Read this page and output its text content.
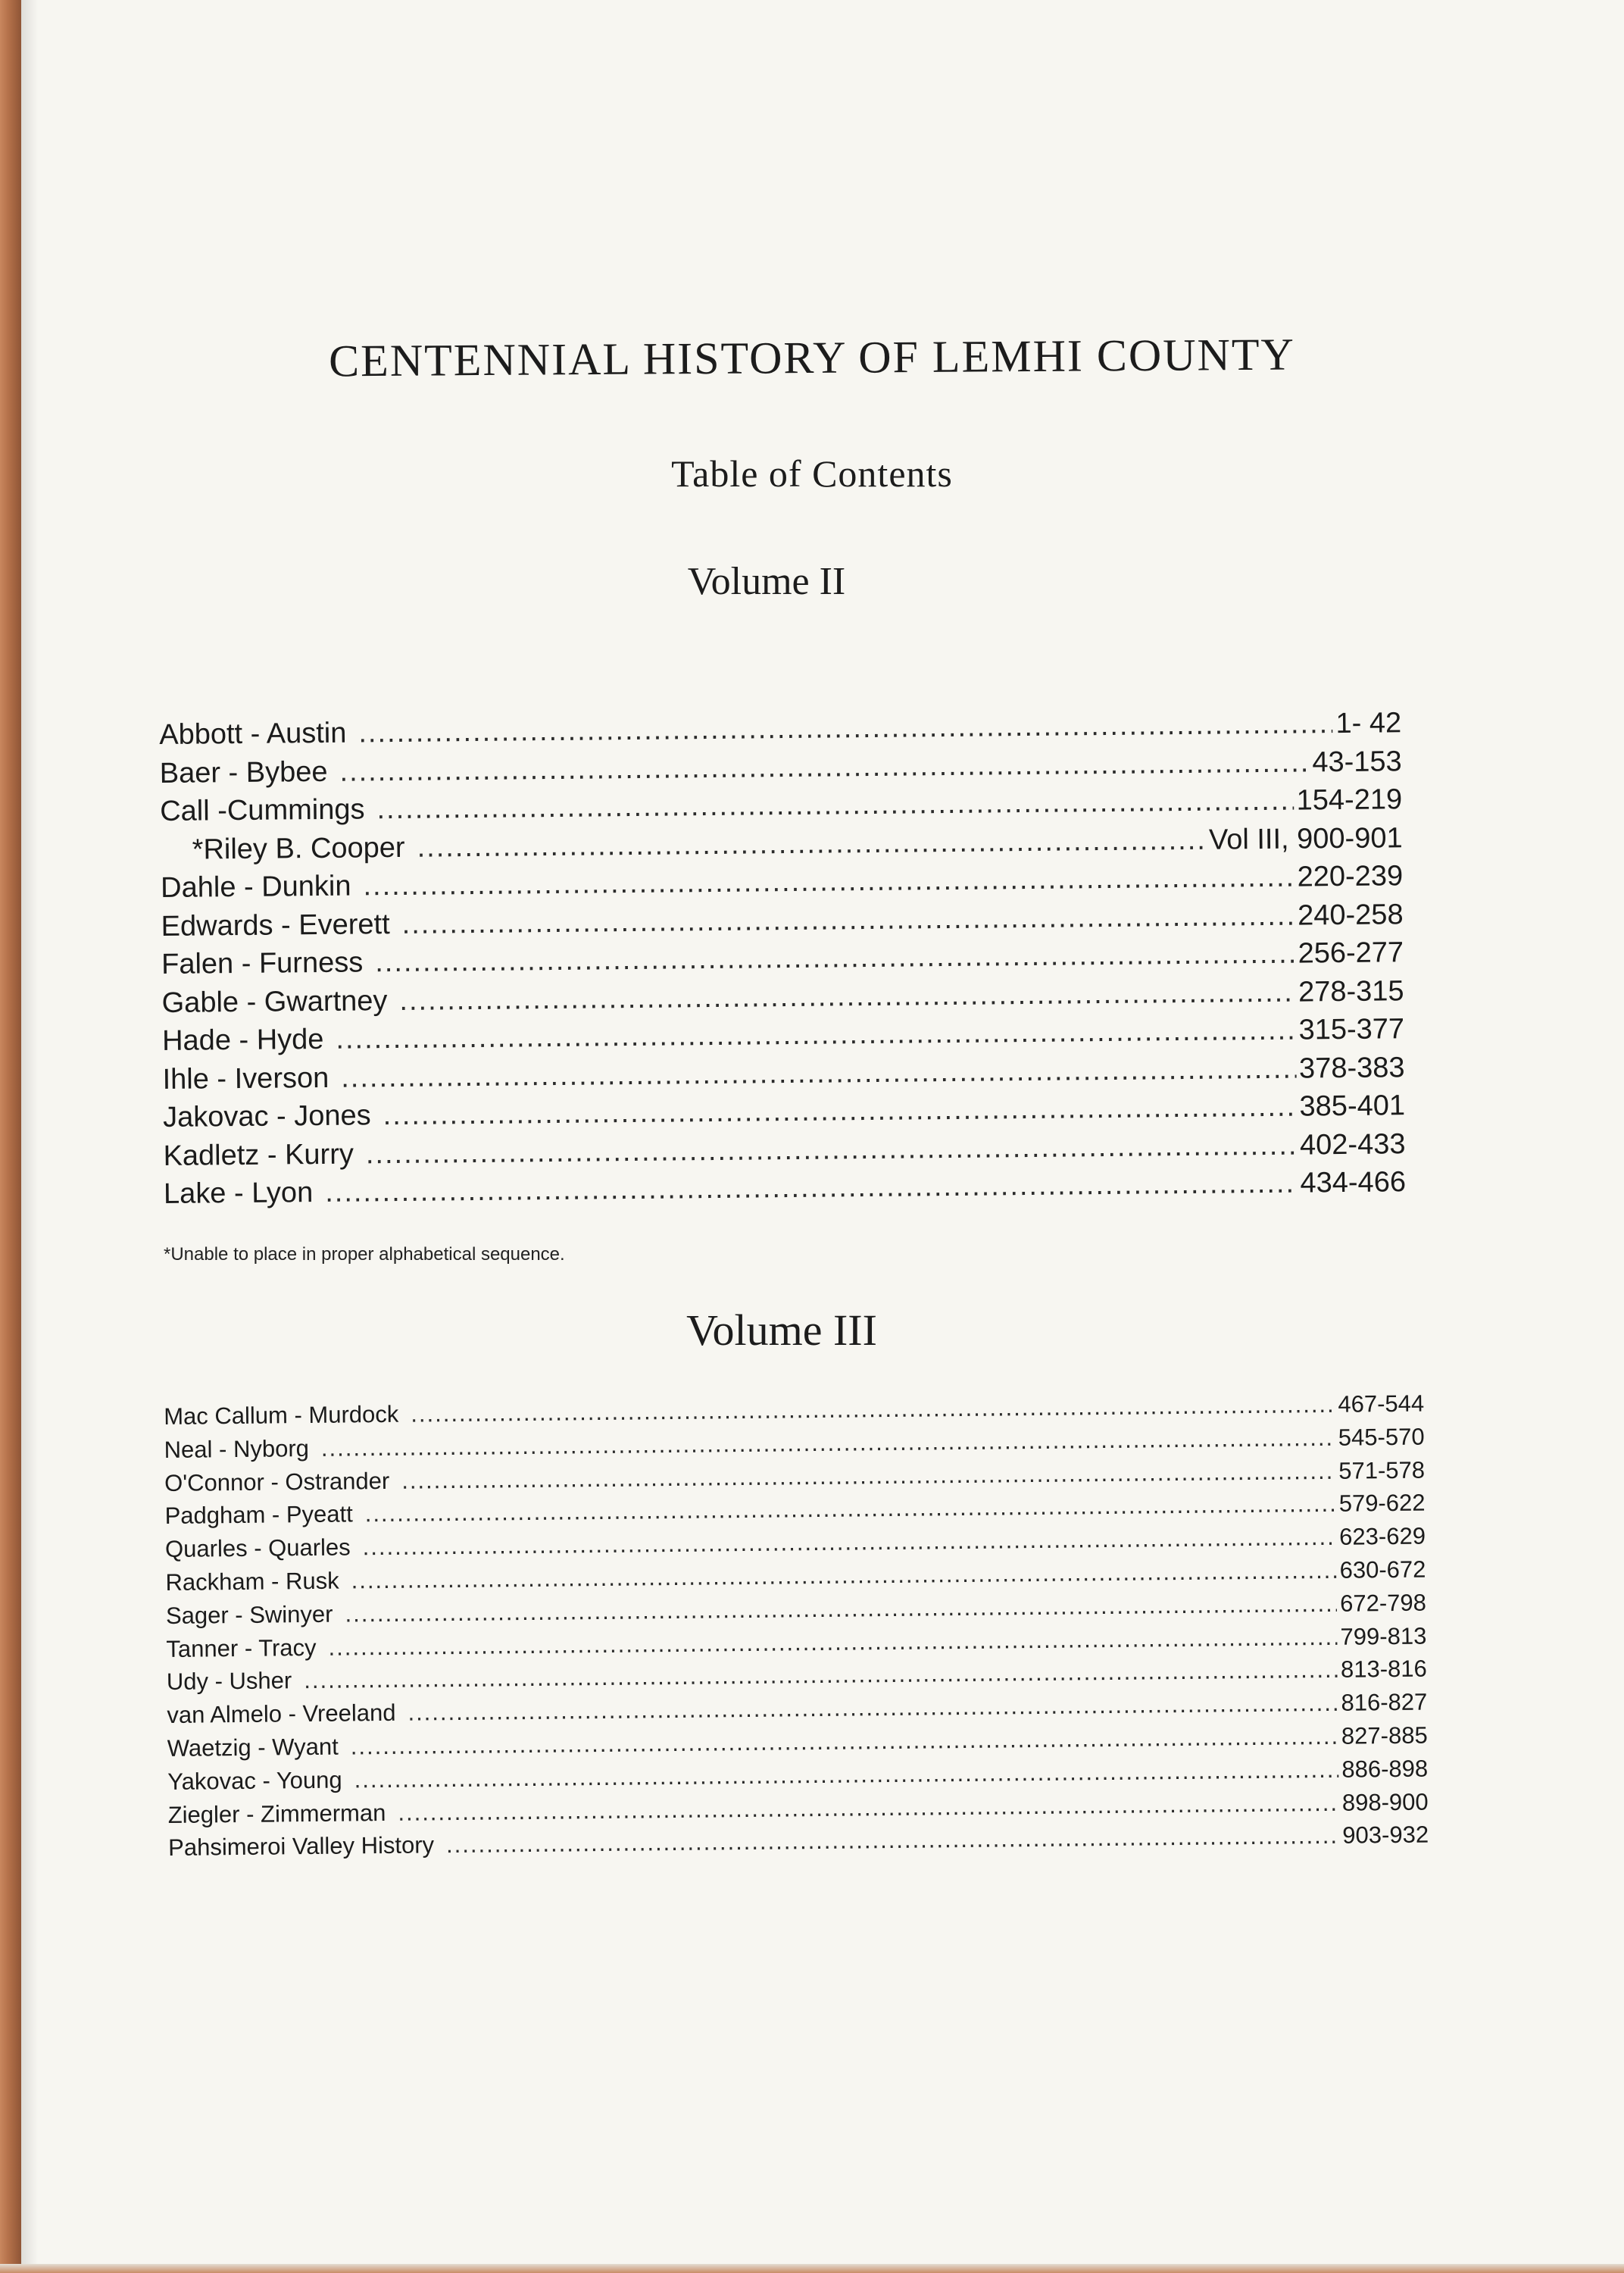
CENTENNIAL HISTORY OF LEMHI COUNTY
Table of Contents
Volume II
Abbott - Austin .....	1- 42
Baer - Bybee .....	43-153
Call -Cummings .....	154-219
*Riley B. Cooper .....	Vol III, 900-901
Dahle - Dunkin .....	220-239
Edwards - Everett .....	240-258
Falen - Furness .....	256-277
Gable - Gwartney .....	278-315
Hade - Hyde .....	315-377
Ihle - Iverson .....	378-383
Jakovac - Jones .....	385-401
Kadletz - Kurry .....	402-433
Lake - Lyon .....	434-466

*Unable to place in proper alphabetical sequence.

Volume III
Mac Callum - Murdock .....	467-544
Neal - Nyborg .....	545-570
O'Connor - Ostrander .....	571-578
Padgham - Pyeatt .....	579-622
Quarles - Quarles .....	623-629
Rackham - Rusk .....	630-672
Sager - Swinyer .....	672-798
Tanner - Tracy .....	799-813
Udy - Usher .....	813-816
van Almelo - Vreeland .....	816-827
Waetzig - Wyant .....	827-885
Yakovac - Young .....	886-898
Ziegler - Zimmerman .....	898-900
Pahsimeroi Valley History .....	903-932
